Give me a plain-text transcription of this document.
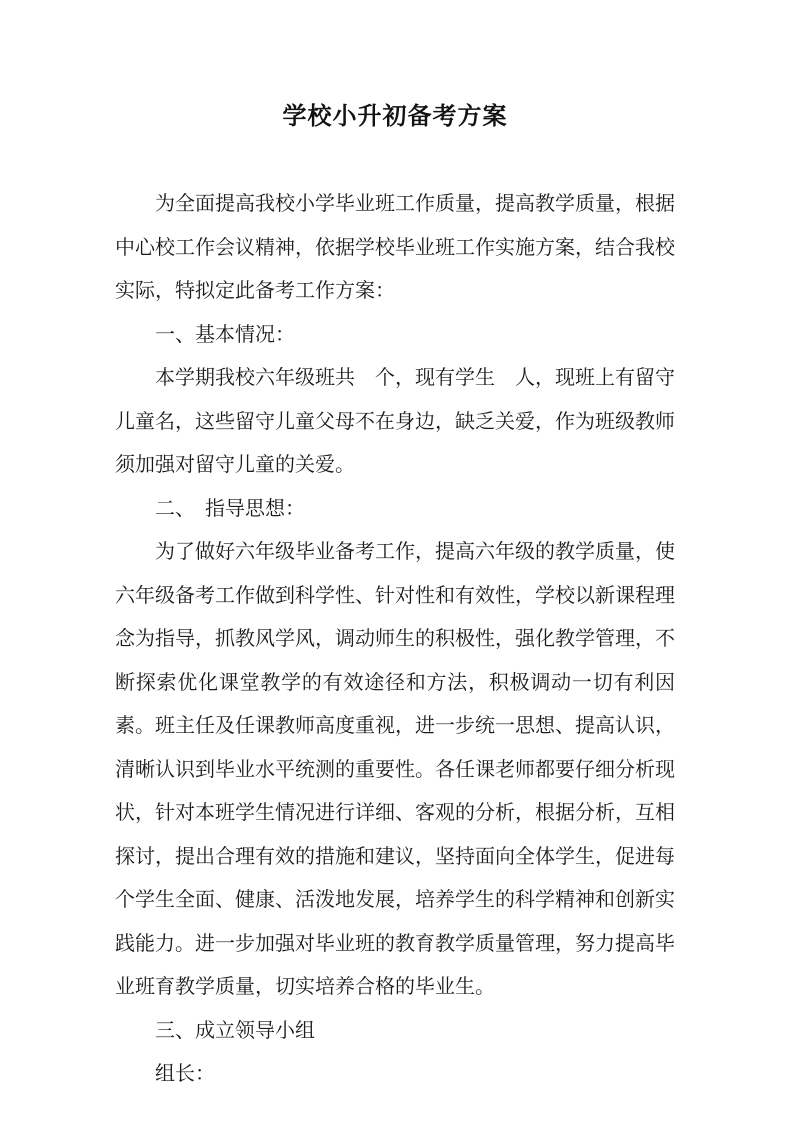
学校小升初备考方案

为全面提高我校小学毕业班工作质量，提高教学质量，根据中心校工作会议精神，依据学校毕业班工作实施方案，结合我校实际，特拟定此备考工作方案：

一、基本情况：

本学期我校六年级班共　个，现有学生　人，现班上有留守儿童名，这些留守儿童父母不在身边，缺乏关爱，作为班级教师须加强对留守儿童的关爱。

二、　指导思想：

为了做好六年级毕业备考工作，提高六年级的教学质量，使六年级备考工作做到科学性、针对性和有效性，学校以新课程理念为指导，抓教风学风，调动师生的积极性，强化教学管理，不断探索优化课堂教学的有效途径和方法，积极调动一切有利因素。班主任及任课教师高度重视，进一步统一思想、提高认识，清晰认识到毕业水平统测的重要性。各任课老师都要仔细分析现状，针对本班学生情况进行详细、客观的分析，根据分析，互相探讨，提出合理有效的措施和建议，坚持面向全体学生，促进每个学生全面、健康、活泼地发展，培养学生的科学精神和创新实践能力。进一步加强对毕业班的教育教学质量管理，努力提高毕业班育教学质量，切实培养合格的毕业生。

三、成立领导小组

组长：
